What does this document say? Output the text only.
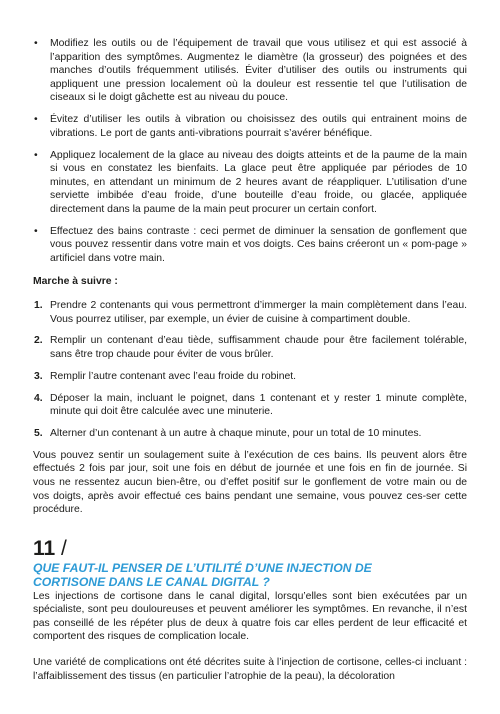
• Modifiez les outils ou de l’équipement de travail que vous utilisez et qui est associé à l’apparition des symptômes. Augmentez le diamètre (la grosseur) des poignées et des manches d’outils fréquemment utilisés. Éviter d’utiliser des outils ou instruments qui appliquent une pression localement où la douleur est ressentie tel que l’utilisation de ciseaux si le doigt gâchette est au niveau du pouce.
• Évitez d’utiliser les outils à vibration ou choisissez des outils qui entrainent moins de vibrations. Le port de gants anti-vibrations pourrait s’avérer bénéfique.
• Appliquez localement de la glace au niveau des doigts atteints et de la paume de la main si vous en constatez les bienfaits. La glace peut être appliquée par périodes de 10 minutes, en attendant un minimum de 2 heures avant de réappliquer. L’utilisation d’une serviette imbibée d’eau froide, d’une bouteille d’eau froide, ou glacée, appliquée directement dans la paume de la main peut procurer un certain confort.
• Effectuez des bains contraste : ceci permet de diminuer la sensation de gonflement que vous pouvez ressentir dans votre main et vos doigts. Ces bains créeront un « pom-page » artificiel dans votre main.
Marche à suivre :
1. Prendre 2 contenants qui vous permettront d’immerger la main complètement dans l’eau. Vous pourrez utiliser, par exemple, un évier de cuisine à compartiment double.
2. Remplir un contenant d’eau tiède, suffisamment chaude pour être facilement tolérable, sans être trop chaude pour éviter de vous brûler.
3. Remplir l’autre contenant avec l’eau froide du robinet.
4. Déposer la main, incluant le poignet, dans 1 contenant et y rester 1 minute complète, minute qui doit être calculée avec une minuterie.
5. Alterner d’un contenant à un autre à chaque minute, pour un total de 10 minutes.

Vous pouvez sentir un soulagement suite à l’exécution de ces bains. Ils peuvent alors être effectués 2 fois par jour, soit une fois en début de journée et une fois en fin de journée. Si vous ne ressentez aucun bien-être, ou d’effet positif sur le gonflement de votre main ou de vos doigts, après avoir effectué ces bains pendant une semaine, vous pouvez ces-ser cette procédure.

11 /
QUE FAUT-IL PENSER DE L’UTILITÉ D’UNE INJECTION DE
CORTISONE DANS LE CANAL DIGITAL ?

Les injections de cortisone dans le canal digital, lorsqu’elles sont bien exécutées par un spécialiste, sont peu douloureuses et peuvent améliorer les symptômes. En revanche, il n’est pas conseillé de les répéter plus de deux à quatre fois car elles perdent de leur efficacité et comportent des risques de complication locale.

Une variété de complications ont été décrites suite à l’injection de cortisone, celles-ci incluant : l’affaiblissement des tissus (en particulier l’atrophie de la peau), la décoloration
